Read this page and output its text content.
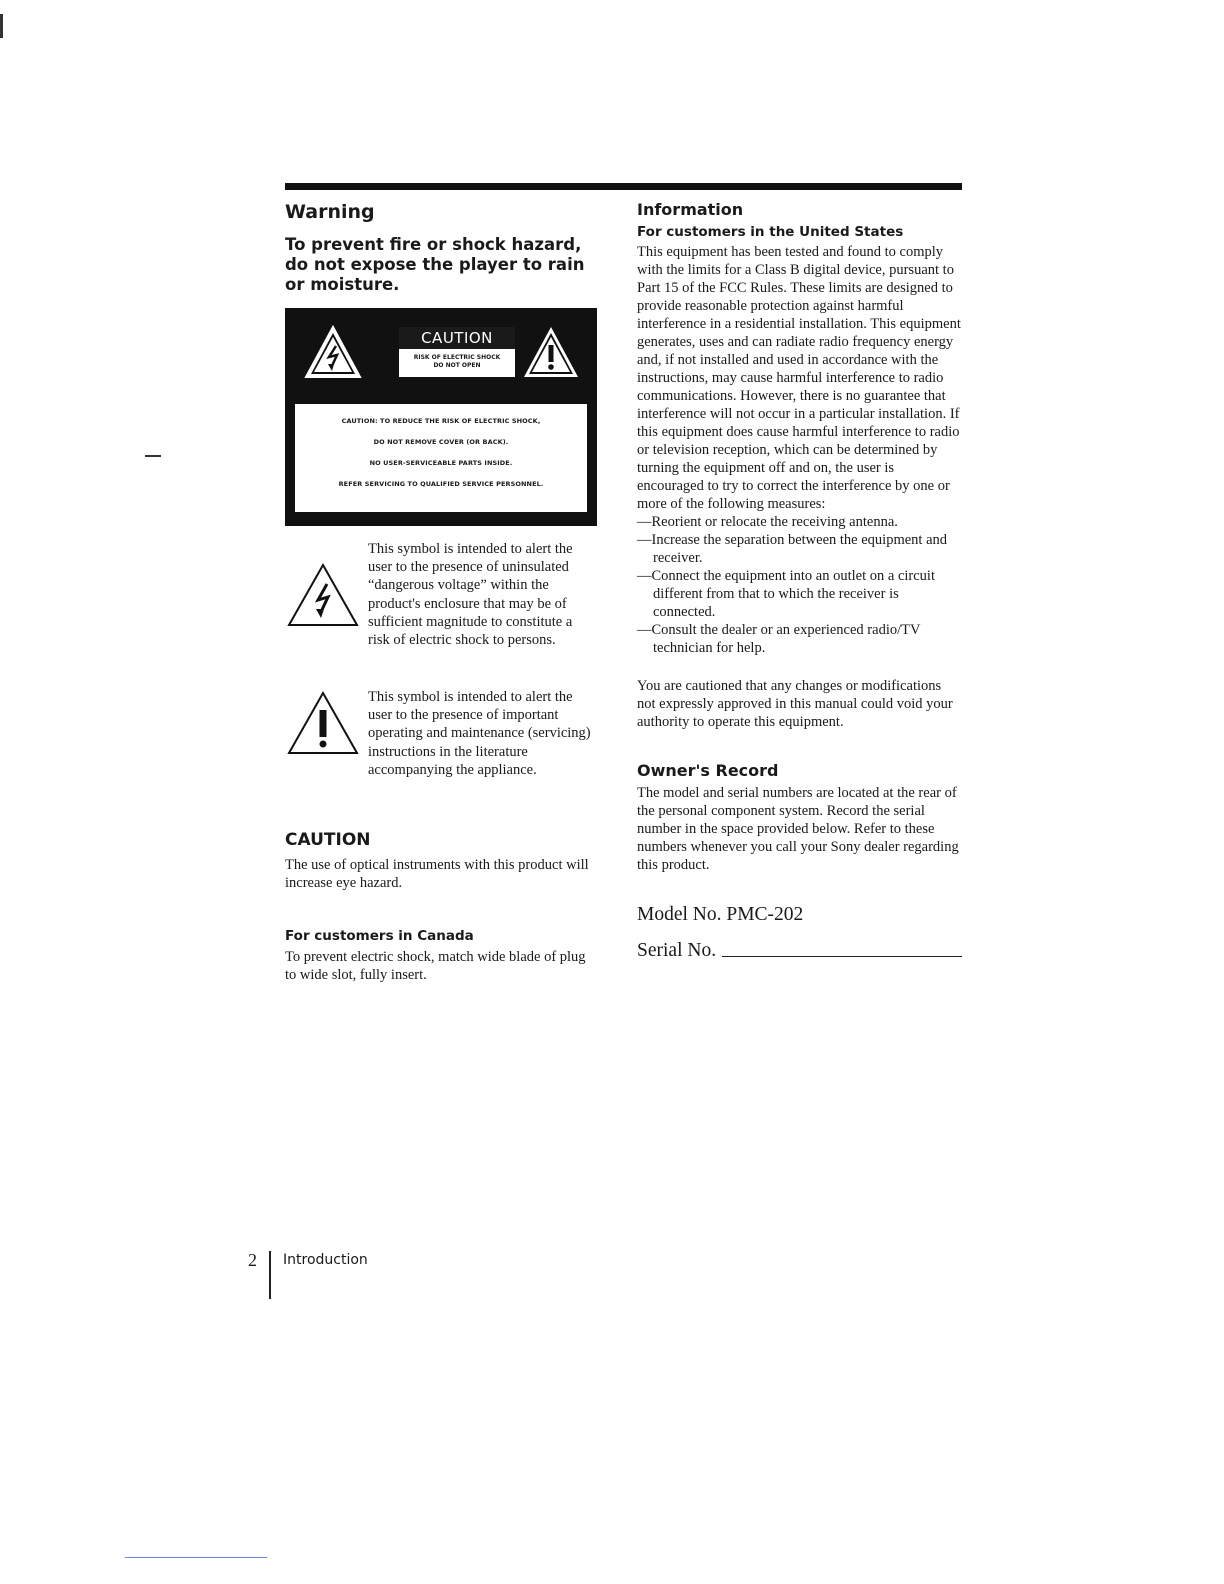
Warning

To prevent fire or shock hazard, do not expose the player to rain or moisture.

CAUTION
RISK OF ELECTRIC SHOCK
DO NOT OPEN
CAUTION: TO REDUCE THE RISK OF ELECTRIC SHOCK,
DO NOT REMOVE COVER (OR BACK).
NO USER-SERVICEABLE PARTS INSIDE.
REFER SERVICING TO QUALIFIED SERVICE PERSONNEL.
This symbol is intended to alert the user to the presence of uninsulated “dangerous voltage” within the product's enclosure that may be of sufficient magnitude to constitute a risk of electric shock to persons.
This symbol is intended to alert the user to the presence of important operating and maintenance (servicing) instructions in the literature accompanying the appliance.
CAUTION

The use of optical instruments with this product will increase eye hazard.

For customers in Canada

To prevent electric shock, match wide blade of plug to wide slot, fully insert.

Information
For customers in the United States

This equipment has been tested and found to comply with the limits for a Class B digital device, pursuant to Part 15 of the FCC Rules. These limits are designed to provide reasonable protection against harmful interference in a residential installation. This equipment generates, uses and can radiate radio frequency energy and, if not installed and used in accordance with the instructions, may cause harmful interference to radio communications. However, there is no guarantee that interference will not occur in a particular installation. If this equipment does cause harmful interference to radio or television reception, which can be determined by turning the equipment off and on, the user is encouraged to try to correct the interference by one or more of the following measures:

—Reorient or relocate the receiving antenna.
—Increase the separation between the equipment and receiver.
—Connect the equipment into an outlet on a circuit different from that to which the receiver is connected.
—Consult the dealer or an experienced radio/TV technician for help.

You are cautioned that any changes or modifications not expressly approved in this manual could void your authority to operate this equipment.

Owner's Record

The model and serial numbers are located at the rear of the personal component system. Record the serial number in the space provided below. Refer to these numbers whenever you call your Sony dealer regarding this product.

Model No. PMC-202

Serial No.
2 Introduction
